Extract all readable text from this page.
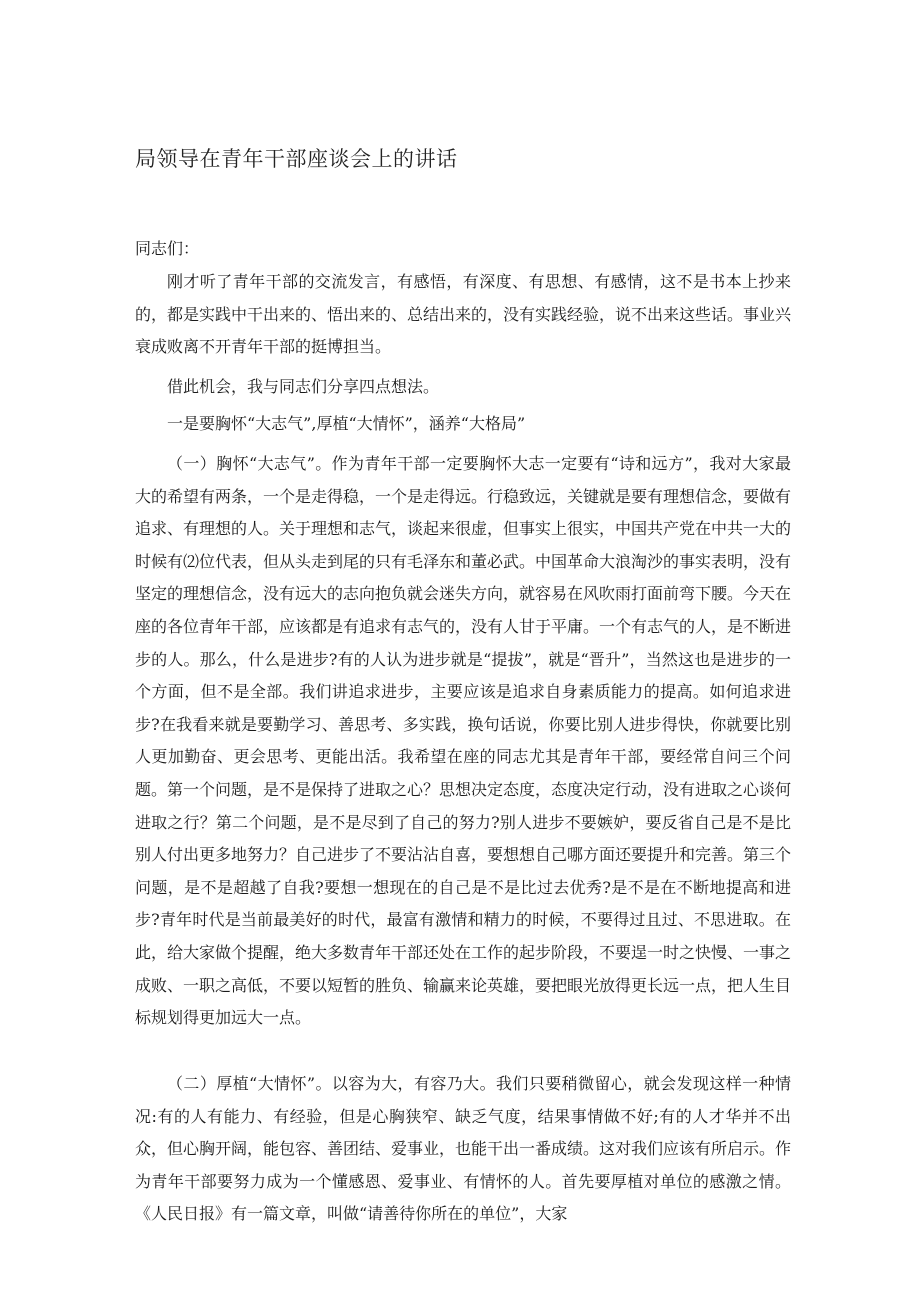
局领导在青年干部座谈会上的讲话
同志们：

刚才听了青年干部的交流发言，有感悟，有深度、有思想、有感情，这不是书本上抄来的，都是实践中干出来的、悟出来的、总结出来的，没有实践经验，说不出来这些话。事业兴衰成败离不开青年干部的挺博担当。

借此机会，我与同志们分享四点想法。

一是要胸怀“大志气”,厚植“大情怀”，涵养“大格局”

（一）胸怀“大志气”。作为青年干部一定要胸怀大志一定要有“诗和远方”，我对大家最大的希望有两条，一个是走得稳，一个是走得远。行稳致远，关键就是要有理想信念，要做有追求、有理想的人。关于理想和志气，谈起来很虚，但事实上很实，中国共产党在中共一大的时候有⑵位代表，但从头走到尾的只有毛泽东和董必武。中国革命大浪淘沙的事实表明，没有坚定的理想信念，没有远大的志向抱负就会迷失方向，就容易在风吹雨打面前弯下腰。今天在座的各位青年干部，应该都是有追求有志气的，没有人甘于平庸。一个有志气的人，是不断进步的人。那么，什么是进步?有的人认为进步就是“提拔”，就是“晋升”，当然这也是进步的一个方面，但不是全部。我们讲追求进步，主要应该是追求自身素质能力的提高。如何追求进步?在我看来就是要勤学习、善思考、多实践，换句话说，你要比别人进步得快，你就要比别人更加勤奋、更会思考、更能出活。我希望在座的同志尤其是青年干部，要经常自问三个问题。第一个问题，是不是保持了进取之心？思想决定态度，态度决定行动，没有进取之心谈何进取之行？第二个问题，是不是尽到了自己的努力?别人进步不要嫉妒，要反省自己是不是比别人付出更多地努力？自己进步了不要沾沾自喜，要想想自己哪方面还要提升和完善。第三个问题，是不是超越了自我?要想一想现在的自己是不是比过去优秀?是不是在不断地提高和进步?青年时代是当前最美好的时代，最富有激情和精力的时候，不要得过且过、不思进取。在此，给大家做个提醒，绝大多数青年干部还处在工作的起步阶段，不要逞一时之快慢、一事之成败、一职之高低，不要以短暂的胜负、输赢来论英雄，要把眼光放得更长远一点，把人生目标规划得更加远大一点。

（二）厚植“大情怀”。以容为大，有容乃大。我们只要稍微留心，就会发现这样一种情况:有的人有能力、有经验，但是心胸狭窄、缺乏气度，结果事情做不好;有的人才华并不出众，但心胸开阔，能包容、善团结、爱事业，也能干出一番成绩。这对我们应该有所启示。作为青年干部要努力成为一个懂感恩、爱事业、有情怀的人。首先要厚植对单位的感激之情。《人民日报》有一篇文章，叫做“请善待你所在的单位”，大家
